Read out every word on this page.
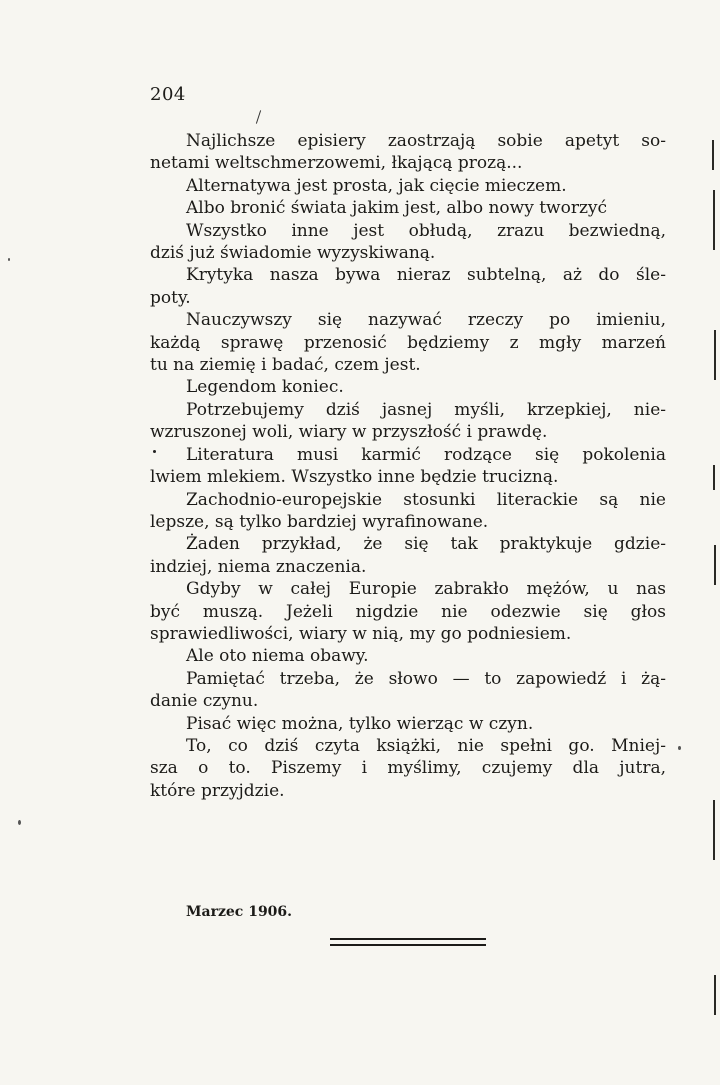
204

Najlichsze episiery zaostrzają sobie apetyt so-
netami weltschmerzowemi, łkającą prozą...

Alternatywa jest prosta, jak cięcie mieczem.

Albo bronić świata jakim jest, albo nowy tworzyć

Wszystko inne jest obłudą, zrazu bezwiedną,
dziś już świadomie wyzyskiwaną.

Krytyka nasza bywa nieraz subtelną, aż do śle-
poty.

Nauczywszy się nazywać rzeczy po imieniu,
każdą sprawę przenosić będziemy z mgły marzeń
tu na ziemię i badać, czem jest.

Legendom koniec.

Potrzebujemy dziś jasnej myśli, krzepkiej, nie-
wzruszonej woli, wiary w przyszłość i prawdę.

Literatura musi karmić rodzące się pokolenia
lwiem mlekiem. Wszystko inne będzie trucizną.

Zachodnio-europejskie stosunki literackie są nie
lepsze, są tylko bardziej wyrafinowane.

Żaden przykład, że się tak praktykuje gdzie-
indziej, niema znaczenia.

Gdyby w całej Europie zabrakło mężów, u nas
być muszą. Jeżeli nigdzie nie odezwie się głos
sprawiedliwości, wiary w nią, my go podniesiem.

Ale oto niema obawy.

Pamiętać trzeba, że słowo — to zapowiedź i żą-
danie czynu.

Pisać więc można, tylko wierząc w czyn.

To, co dziś czyta książki, nie spełni go. Mniej-
sza o to. Piszemy i myślimy, czujemy dla jutra,
które przyjdzie.

Marzec 1906.
